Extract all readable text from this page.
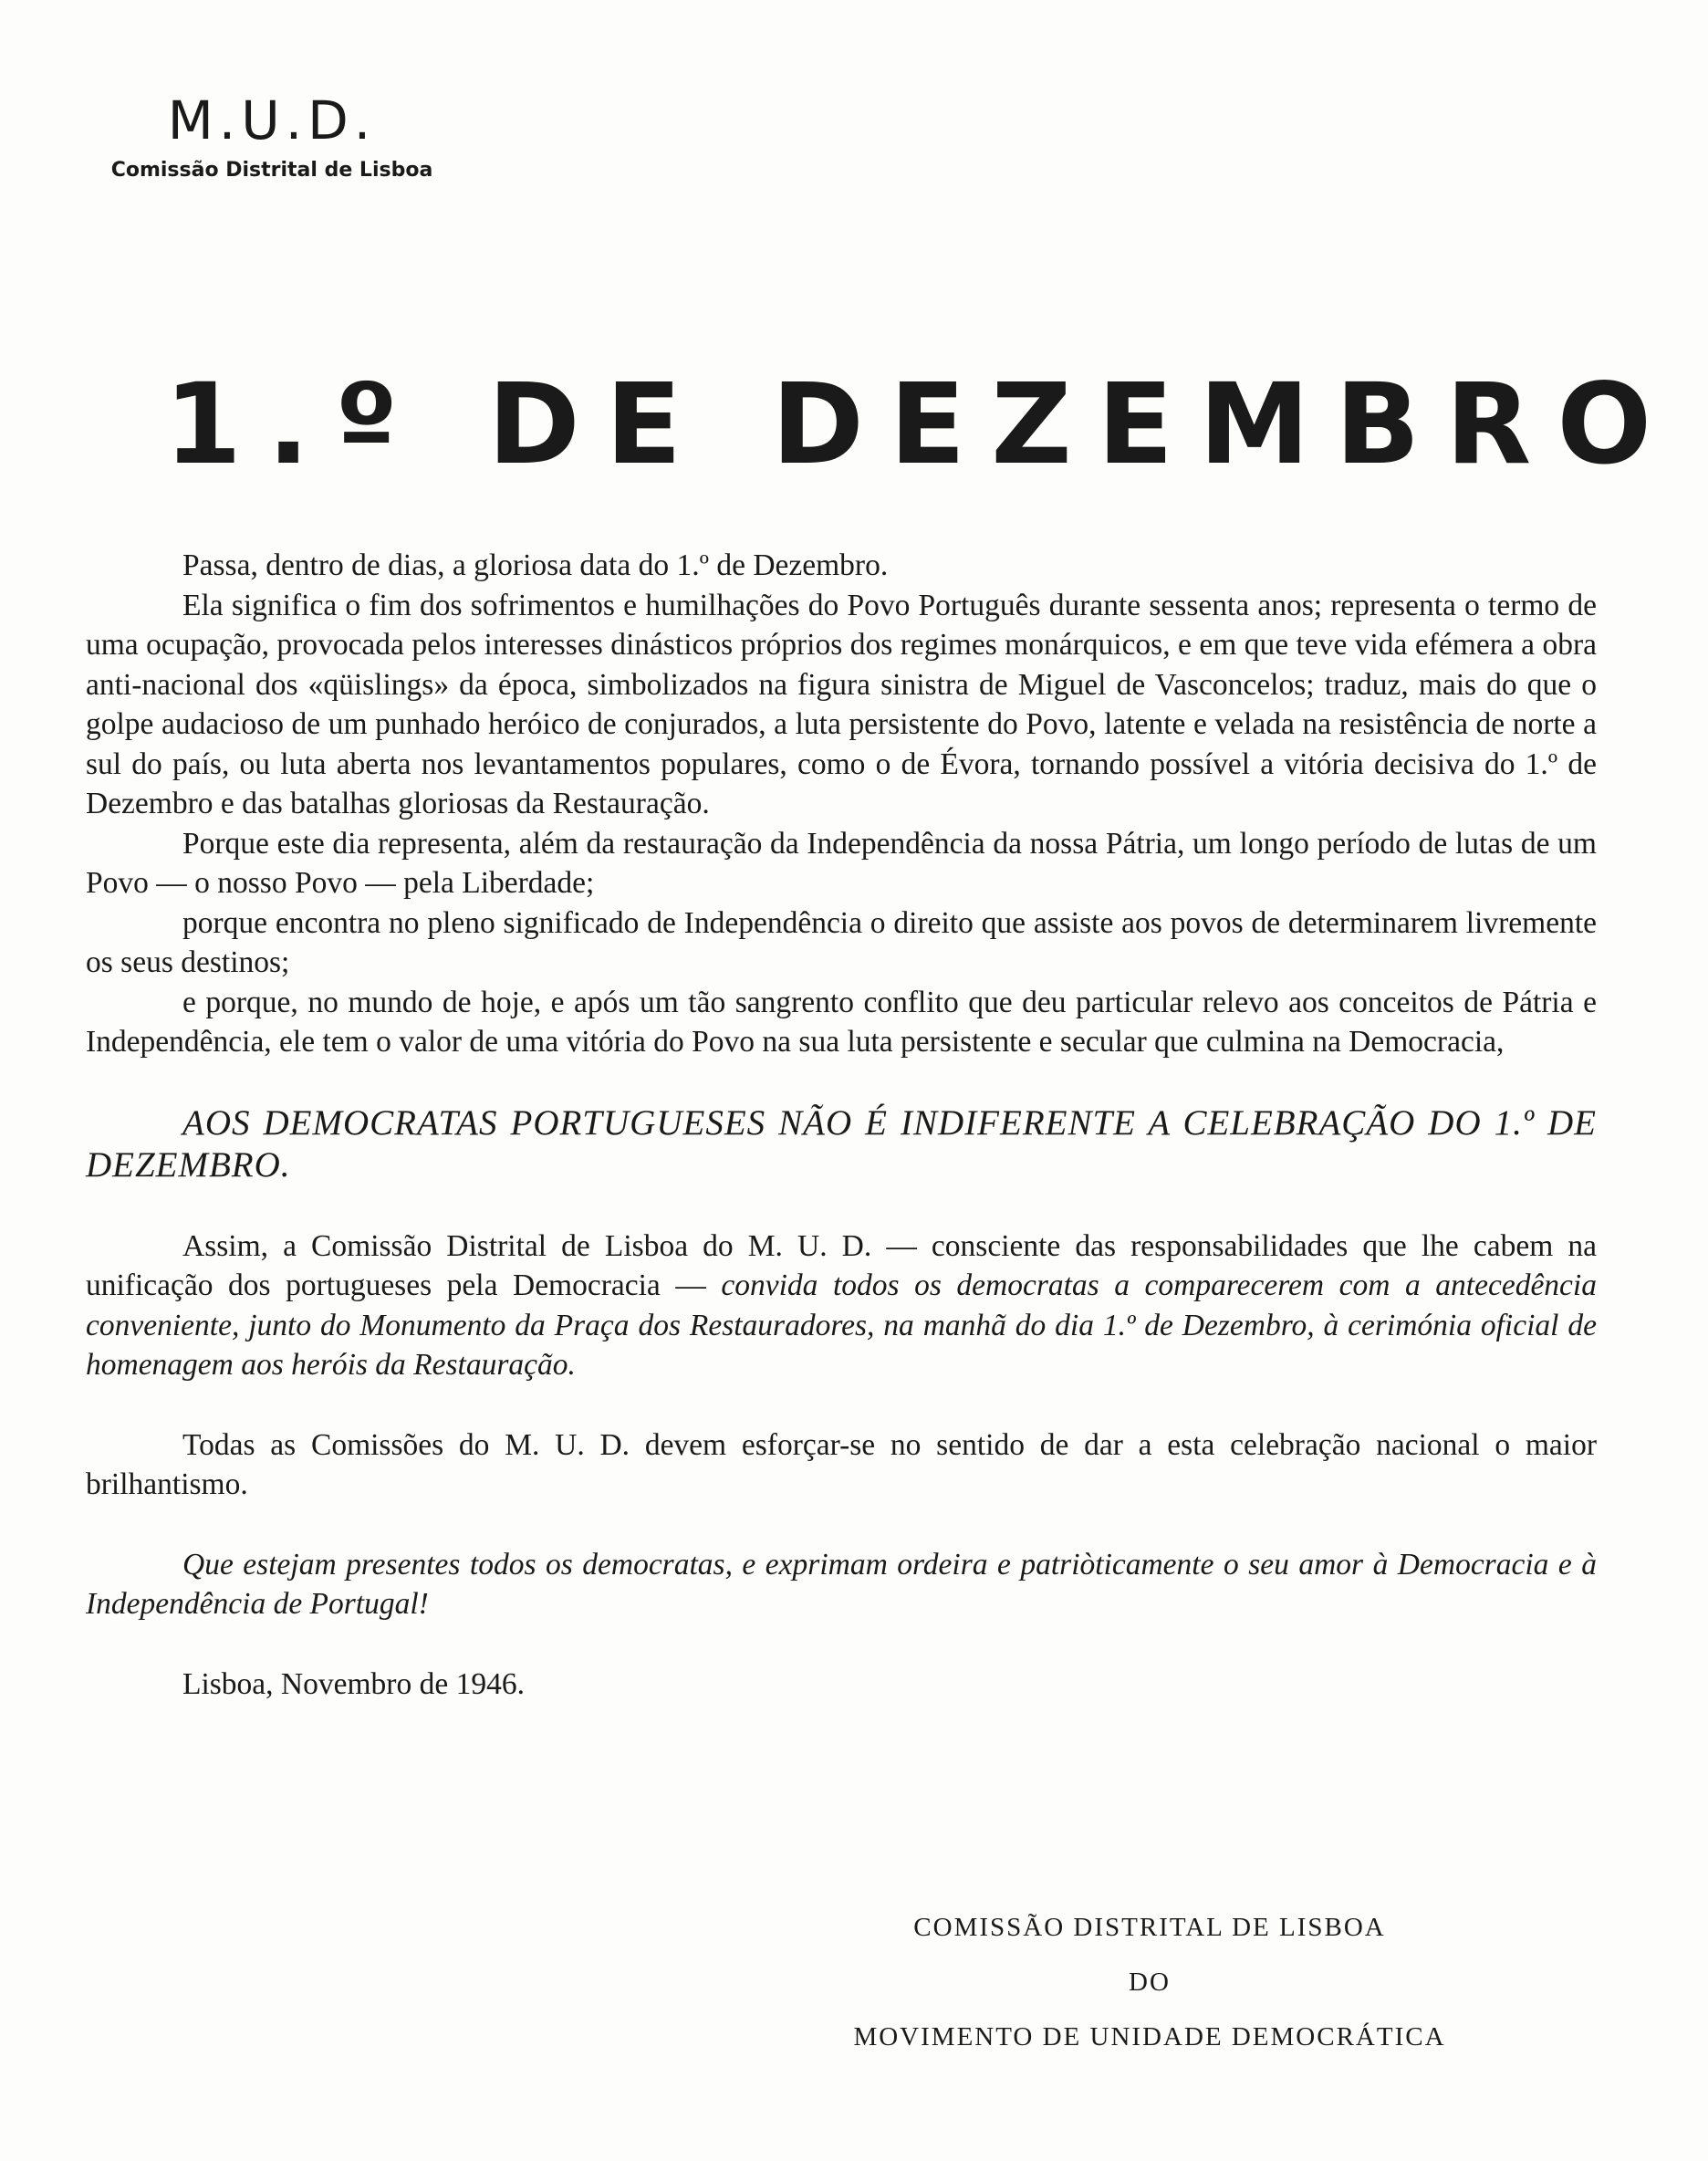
M.U.D.
Comissão Distrital de Lisboa
1.º DE DEZEMBRO

Passa, dentro de dias, a gloriosa data do 1.º de Dezembro.

Ela significa o fim dos sofrimentos e humilhações do Povo Português durante sessenta anos; representa o termo de uma ocupação, provocada pelos interesses dinásticos próprios dos regimes monárquicos, e em que teve vida efémera a obra anti-nacional dos «qüislings» da época, simbolizados na figura sinistra de Miguel de Vasconcelos; traduz, mais do que o golpe audacioso de um punhado heróico de conjurados, a luta persistente do Povo, latente e velada na resistência de norte a sul do país, ou luta aberta nos levantamentos populares, como o de Évora, tornando possível a vitória decisiva do 1.º de Dezembro e das batalhas gloriosas da Restauração.

Porque este dia representa, além da restauração da Independência da nossa Pátria, um longo período de lutas de um Povo — o nosso Povo — pela Liberdade;

porque encontra no pleno significado de Independência o direito que assiste aos povos de determinarem livremente os seus destinos;

e porque, no mundo de hoje, e após um tão sangrento conflito que deu particular relevo aos conceitos de Pátria e Independência, ele tem o valor de uma vitória do Povo na sua luta persistente e secular que culmina na Democracia,

AOS DEMOCRATAS PORTUGUESES NÃO É INDIFERENTE A CELEBRAÇÃO DO 1.º DE DEZEMBRO.

Assim, a Comissão Distrital de Lisboa do M. U. D. — consciente das responsabilidades que lhe cabem na unificação dos portugueses pela Democracia — convida todos os democratas a comparecerem com a antecedência conveniente, junto do Monumento da Praça dos Restauradores, na manhã do dia 1.º de Dezembro, à cerimónia oficial de homenagem aos heróis da Restauração.

Todas as Comissões do M. U. D. devem esforçar-se no sentido de dar a esta celebração nacional o maior brilhantismo.

Que estejam presentes todos os democratas, e exprimam ordeira e patriòticamente o seu amor à Democracia e à Independência de Portugal!

Lisboa, Novembro de 1946.

COMISSÃO DISTRITAL DE LISBOA
DO
MOVIMENTO DE UNIDADE DEMOCRÁTICA
